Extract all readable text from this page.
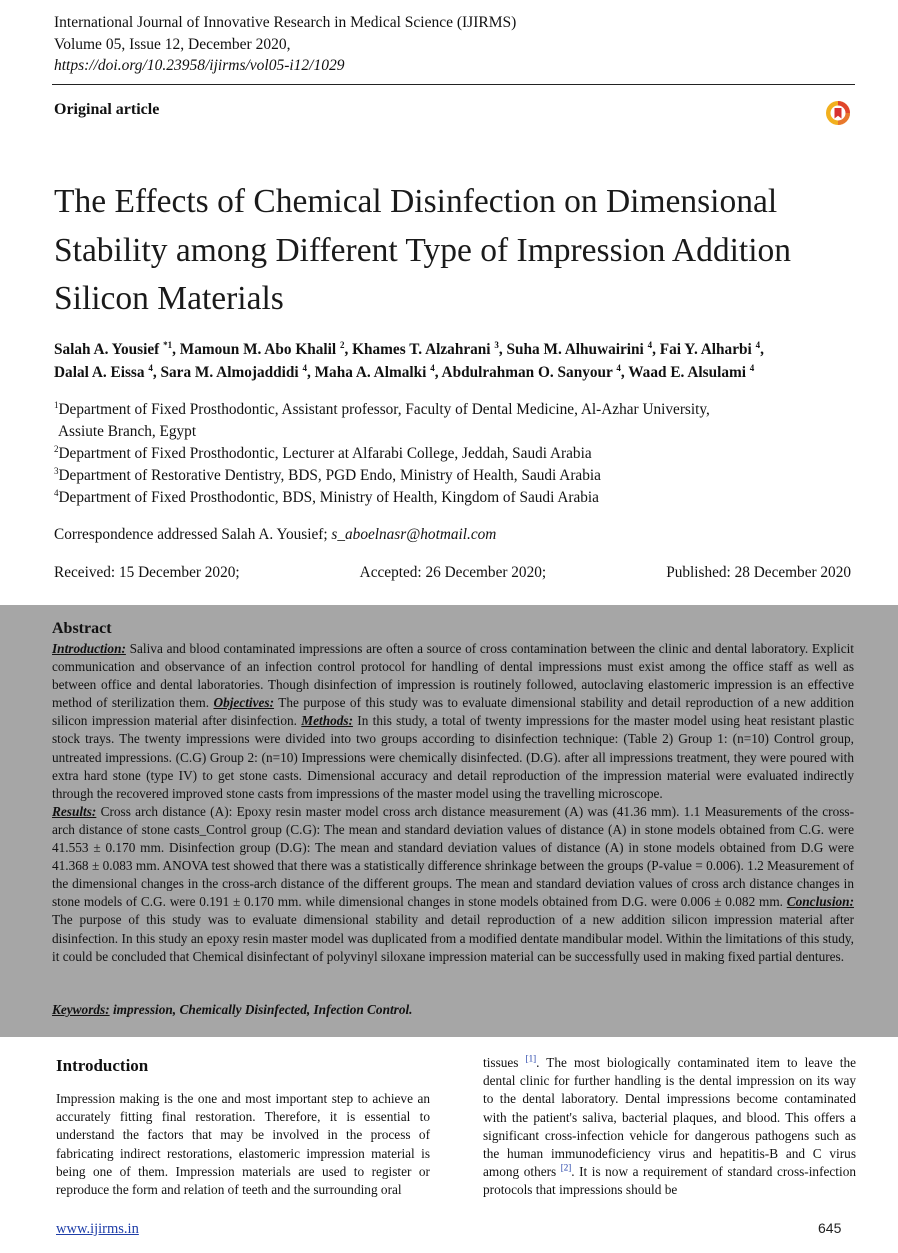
International Journal of Innovative Research in Medical Science (IJIRMS)
Volume 05, Issue 12, December 2020,
https://doi.org/10.23958/ijirms/vol05-i12/1029
Original article
The Effects of Chemical Disinfection on Dimensional Stability among Different Type of Impression Addition Silicon Materials
Salah A. Yousief $^{*1}$, Mamoun M. Abo Khalil $^2$, Khames T. Alzahrani $^3$, Suha M. Alhuwairini $^4$, Fai Y. Alharbi $^4$,
Dalal A. Eissa $^4$, Sara M. Almojaddidi $^4$, Maha A. Almalki $^4$, Abdulrahman O. Sanyour $^4$, Waad E. Alsulami $^4$
$^1$Department of Fixed Prosthodontic, Assistant professor, Faculty of Dental Medicine, Al-Azhar University,
Assiute Branch, Egypt
$^2$Department of Fixed Prosthodontic, Lecturer at Alfarabi College, Jeddah, Saudi Arabia
$^3$Department of Restorative Dentistry, BDS, PGD Endo, Ministry of Health, Saudi Arabia
$^4$Department of Fixed Prosthodontic, BDS, Ministry of Health, Kingdom of Saudi Arabia
Correspondence addressed Salah A. Yousief; s_aboelnasr@hotmail.com
Received: 15 December 2020;	Accepted: 26 December 2020;	Published: 28 December 2020
Abstract
Introduction: Saliva and blood contaminated impressions are often a source of cross contamination between the clinic and dental laboratory. Explicit communication and observance of an infection control protocol for handling of dental impressions must exist among the office staff as well as between office and dental laboratories. Though disinfection of impression is routinely followed, autoclaving elastomeric impression is an effective method of sterilization them. Objectives: The purpose of this study was to evaluate dimensional stability and detail reproduction of a new addition silicon impression material after disinfection. Methods: In this study, a total of twenty impressions for the master model using heat resistant plastic stock trays. The twenty impressions were divided into two groups according to disinfection technique: (Table 2) Group 1: (n=10) Control group, untreated impressions. (C.G) Group 2: (n=10) Impressions were chemically disinfected. (D.G). after all impressions treatment, they were poured with extra hard stone (type IV) to get stone casts. Dimensional accuracy and detail reproduction of the impression material were evaluated indirectly through the recovered improved stone casts from impressions of the master model using the travelling microscope.
Results: Cross arch distance (A): Epoxy resin master model cross arch distance measurement (A) was (41.36 mm). 1.1 Measurements of the cross-arch distance of stone casts_Control group (C.G): The mean and standard deviation values of distance (A) in stone models obtained from C.G. were 41.553 ± 0.170 mm. Disinfection group (D.G): The mean and standard deviation values of distance (A) in stone models obtained from D.G were 41.368 ± 0.083 mm. ANOVA test showed that there was a statistically difference shrinkage between the groups (P-value = 0.006). 1.2 Measurement of the dimensional changes in the cross-arch distance of the different groups. The mean and standard deviation values of cross arch distance changes in stone models of C.G. were 0.191 ± 0.170 mm. while dimensional changes in stone models obtained from D.G. were 0.006 ± 0.082 mm. Conclusion: The purpose of this study was to evaluate dimensional stability and detail reproduction of a new addition silicon impression material after disinfection. In this study an epoxy resin master model was duplicated from a modified dentate mandibular model. Within the limitations of this study, it could be concluded that Chemical disinfectant of polyvinyl siloxane impression material can be successfully used in making fixed partial dentures.
Keywords: impression, Chemically Disinfected, Infection Control.
Introduction
Impression making is the one and most important step to achieve an accurately fitting final restoration. Therefore, it is essential to understand the factors that may be involved in the process of fabricating indirect restorations, elastomeric impression material is being one of them. Impression materials are used to register or reproduce the form and relation of teeth and the surrounding oral
tissues [1]. The most biologically contaminated item to leave the dental clinic for further handling is the dental impression on its way to the dental laboratory. Dental impressions become contaminated with the patient's saliva, bacterial plaques, and blood. This offers a significant cross-infection vehicle for dangerous pathogens such as the human immunodeficiency virus and hepatitis-B and C virus among others [2]. It is now a requirement of standard cross-infection protocols that impressions should be
www.ijirms.in	645
